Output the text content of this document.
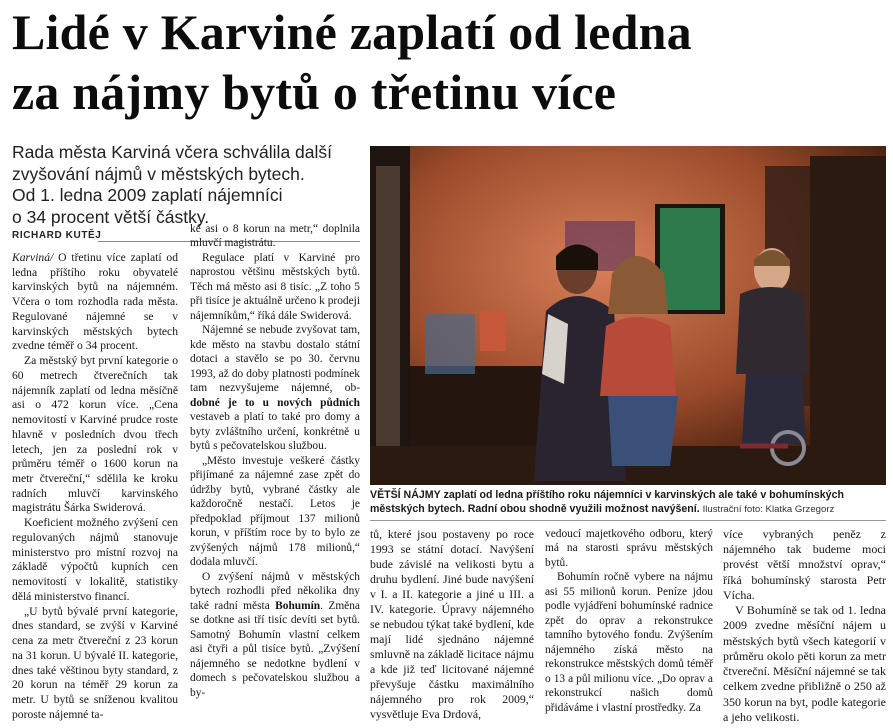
Lidé v Karviné zaplatí od ledna
za nájmy bytů o třetinu více
Rada města Karviná včera schválila další
zvyšování nájmů v městských bytech.
Od 1. ledna 2009 zaplatí nájemníci
o 34 procent větší částky.
RICHARD KUTĚJ

Karviná/ O třetinu více zaplatí od ledna příštího roku obyvatelé karvinských bytů na nájemném. Včera o tom rozhodla rada města. Regulované nájemné se v karvinských městských bytech zvedne téměř o 34 procent.

Za městský byt první kategorie o 60 metrech čtverečních tak nájemník zaplatí od ledna měsíčně asi o 472 korun více. „Cena nemovitostí v Karviné prudce roste hlavně v posledních dvou třech letech, jen za poslední rok v průměru téměř o 1600 korun na metr čtvereční,“ sdělila ke kroku radních mluvčí karvinského magistrátu Šárka Swiderová.

Koeficient možného zvýšení cen regulovaných nájmů stanovuje ministerstvo pro místní rozvoj na základě výpočtů kupních cen nemovitostí v lokalitě, statistiky dělá ministerstvo financí.

„U bytů bývalé první kategorie, dnes standard, se zvýší v Karviné cena za metr čtvereční z 23 korun na 31 korun. U bývalé II. kategorie, dnes také věštinou byty standard, z 20 korun na téměř 29 korun za metr. U bytů se sníženou kvalitou poroste nájemné ta-

ké asi o 8 korun na metr,“ doplnila mluvčí magistrátu.

Regulace platí v Karviné pro naprostou většinu městských bytů. Těch má město asi 8 tisíc. „Z toho 5 při tisíce je aktuálně určeno k prodeji nájemníkům,“ říká dále Swiderová.

Nájemné se nebude zvyšovat tam, kde město na stavbu dostalo státní dotaci a stavělo se po 30. červnu 1993, až do doby platnosti podmínek tam nezvyšujeme nájemné, ob-dobné je to u nových půdních vestaveb a platí to také pro domy a byty zvláštního určení, konkrétně u bytů s pečovatelskou službou.

„Město investuje veškeré částky přijímané za nájemné zase zpět do údržby bytů, vybrané částky ale každoročně nestačí. Letos je předpoklad příjmout 137 milionů korun, v příštím roce by to bylo ze zvýšených nájmů 178 milionů,“ dodala mluvčí.

O zvýšení nájmů v městských bytech rozhodli před několika dny také radní města Bohumín. Změna se dotkne asi tří tisíc devíti set bytů. Samotný Bohumín vlastní celkem asi čtyři a půl tisíce bytů. „Zvýšení nájemného se nedotkne bydlení v domech s pečovatelskou službou a by-

VĚTŠÍ NÁJMY zaplatí od ledna příštího roku nájemníci v karvinských ale také v bohumínských městských bytech. Radní obou shodně využili možnost navýšení. Ilustrační foto: Klatka Grzegorz

tů, které jsou postaveny po roce 1993 se státní dotací. Navýšení bude závislé na velikosti bytu a druhu bydlení. Jiné bude navýšení v I. a II. kategorie a jiné u III. a IV. kategorie. Úpravy nájemného se nebudou týkat také bydlení, kde mají lidé sjednáno nájemné smluvně na základě licitace nájmu a kde již teď licitované nájemné převyšuje částku maximálního nájemného pro rok 2009,“ vysvětluje Eva Drdová,

vedoucí majetkového odboru, který má na starosti správu městských bytů.

Bohumín ročně vybere na nájmu asi 55 milionů korun. Peníze jdou podle vyjádření bohumínské radnice zpět do oprav a rekonstrukce tamního bytového fondu. Zvýšením nájemného získá město na rekonstrukce městských domů téměř o 13 a půl milionu více. „Do oprav a rekonstrukcí našich domů přidáváme i vlastní prostředky. Za

více vybraných peněz z nájemného tak budeme moci provést větší množství oprav,“ říká bohumínský starosta Petr Vícha.

V Bohumíně se tak od 1. ledna 2009 zvedne měsíční nájem u městských bytů všech kategorií v průměru okolo pěti korun za metr čtvereční. Měsíční nájemné se tak celkem zvedne přibližně o 250 až 350 korun na byt, podle kategorie a jeho velikosti.
